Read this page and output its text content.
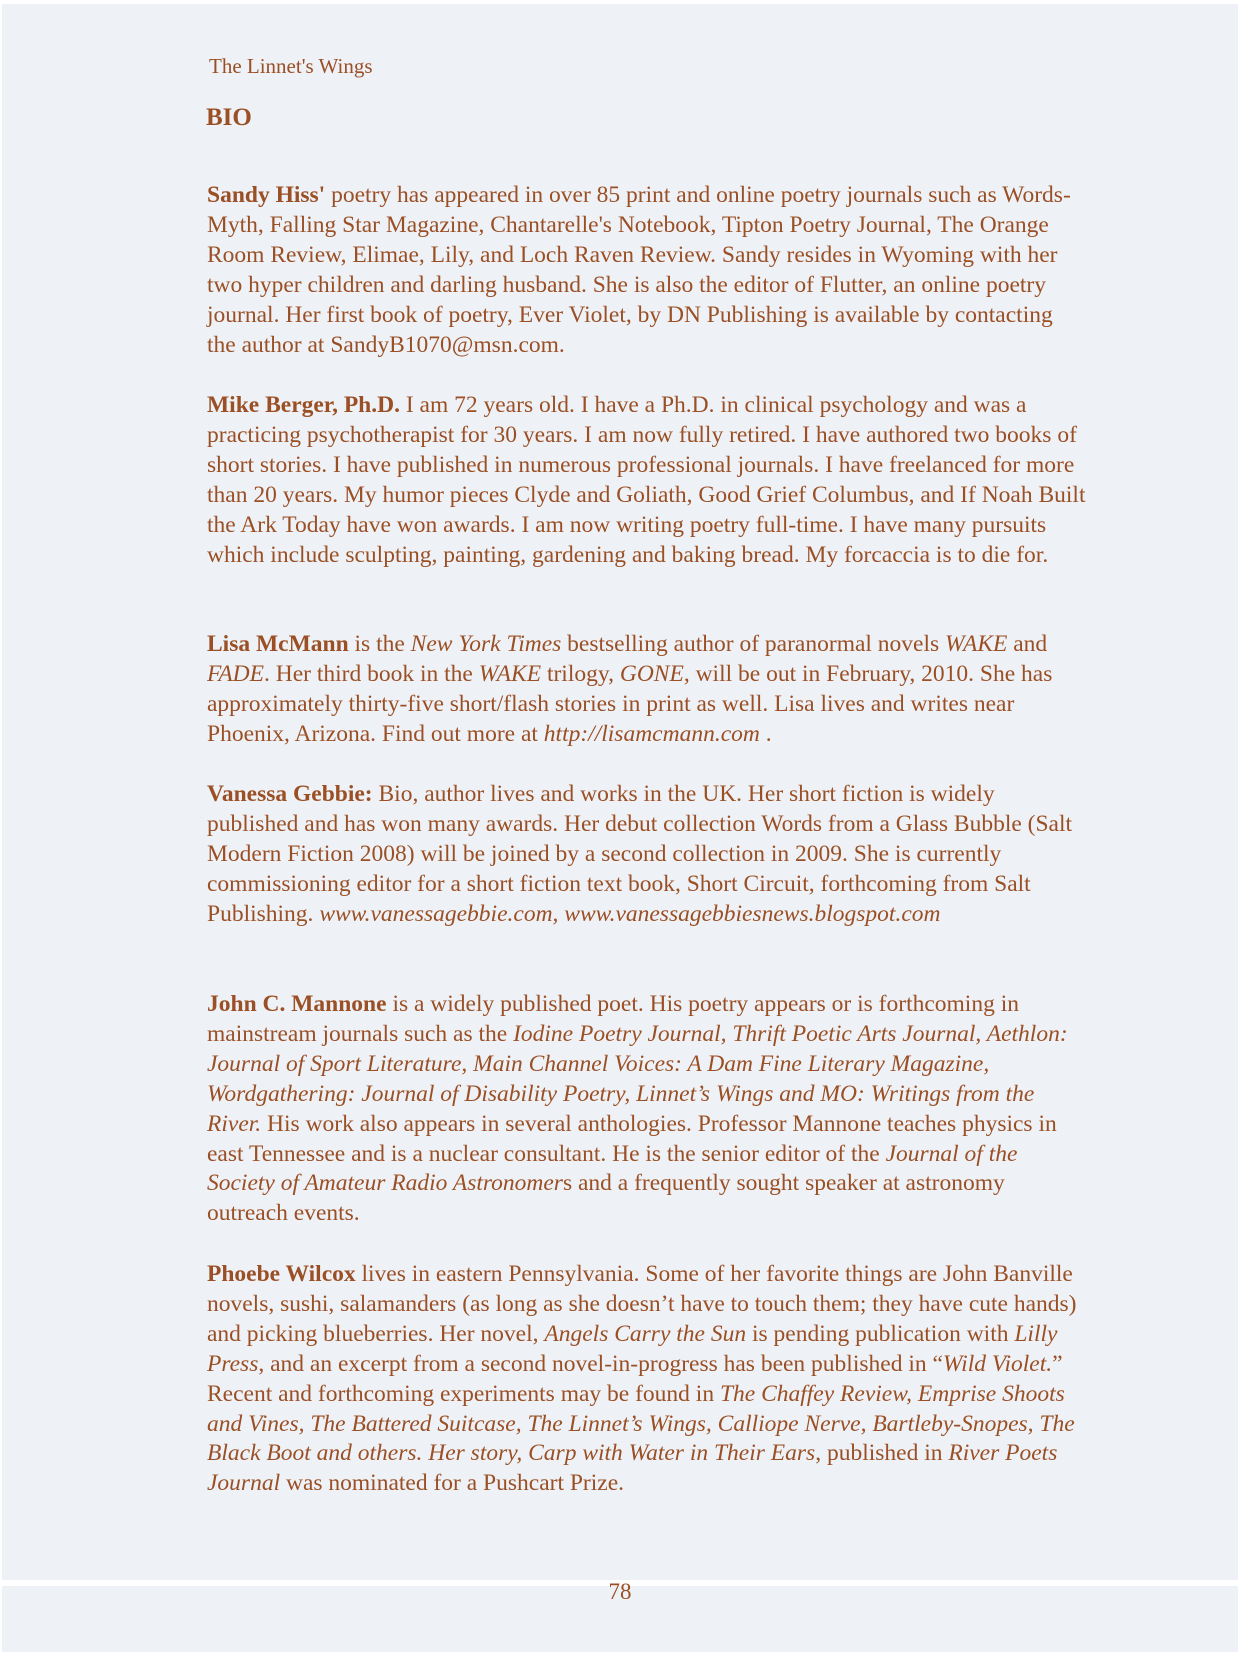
The Linnet's Wings
BIO

Sandy Hiss' poetry has appeared in over 85 print and online poetry journals such as Words-Myth, Falling Star Magazine, Chantarelle's Notebook, Tipton Poetry Journal, The Orange Room Review, Elimae, Lily, and Loch Raven Review. Sandy resides in Wyoming with her two hyper children and darling husband. She is also the editor of Flutter, an online poetry journal. Her first book of poetry, Ever Violet, by DN Publishing is available by contacting the author at SandyB1070@msn.com.

Mike Berger, Ph.D. I am 72 years old. I have a Ph.D. in clinical psychology and was a practicing psychotherapist for 30 years. I am now fully retired. I have authored two books of short stories. I have published in numerous professional journals. I have freelanced for more than 20 years. My humor pieces Clyde and Goliath, Good Grief Columbus, and If Noah Built the Ark Today have won awards. I am now writing poetry full-time. I have many pursuits which include sculpting, painting, gardening and baking bread. My forcaccia is to die for.

Lisa McMann is the New York Times bestselling author of paranormal novels WAKE and FADE. Her third book in the WAKE trilogy, GONE, will be out in February, 2010. She has approximately thirty-five short/flash stories in print as well. Lisa lives and writes near Phoenix, Arizona. Find out more at http://lisamcmann.com .

Vanessa Gebbie: Bio, author lives and works in the UK. Her short fiction is widely published and has won many awards. Her debut collection Words from a Glass Bubble (Salt Modern Fiction 2008) will be joined by a second collection in 2009. She is currently commissioning editor for a short fiction text book, Short Circuit, forthcoming from Salt Publishing. www.vanessagebbie.com, www.vanessagebbiesnews.blogspot.com

John C. Mannone is a widely published poet. His poetry appears or is forthcoming in mainstream journals such as the Iodine Poetry Journal, Thrift Poetic Arts Journal, Aethlon: Journal of Sport Literature, Main Channel Voices: A Dam Fine Literary Magazine, Wordgathering: Journal of Disability Poetry, Linnet’s Wings and MO: Writings from the River. His work also appears in several anthologies. Professor Mannone teaches physics in east Tennessee and is a nuclear consultant. He is the senior editor of the Journal of the Society of Amateur Radio Astronomers and a frequently sought speaker at astronomy outreach events.

Phoebe Wilcox lives in eastern Pennsylvania. Some of her favorite things are John Banville novels, sushi, salamanders (as long as she doesn’t have to touch them; they have cute hands) and picking blueberries. Her novel, Angels Carry the Sun is pending publication with Lilly Press, and an excerpt from a second novel-in-progress has been published in “Wild Violet.” Recent and forthcoming experiments may be found in The Chaffey Review, Emprise Shoots and Vines, The Battered Suitcase, The Linnet’s Wings, Calliope Nerve, Bartleby-Snopes, The Black Boot and others. Her story, Carp with Water in Their Ears, published in River Poets Journal was nominated for a Pushcart Prize.

78
